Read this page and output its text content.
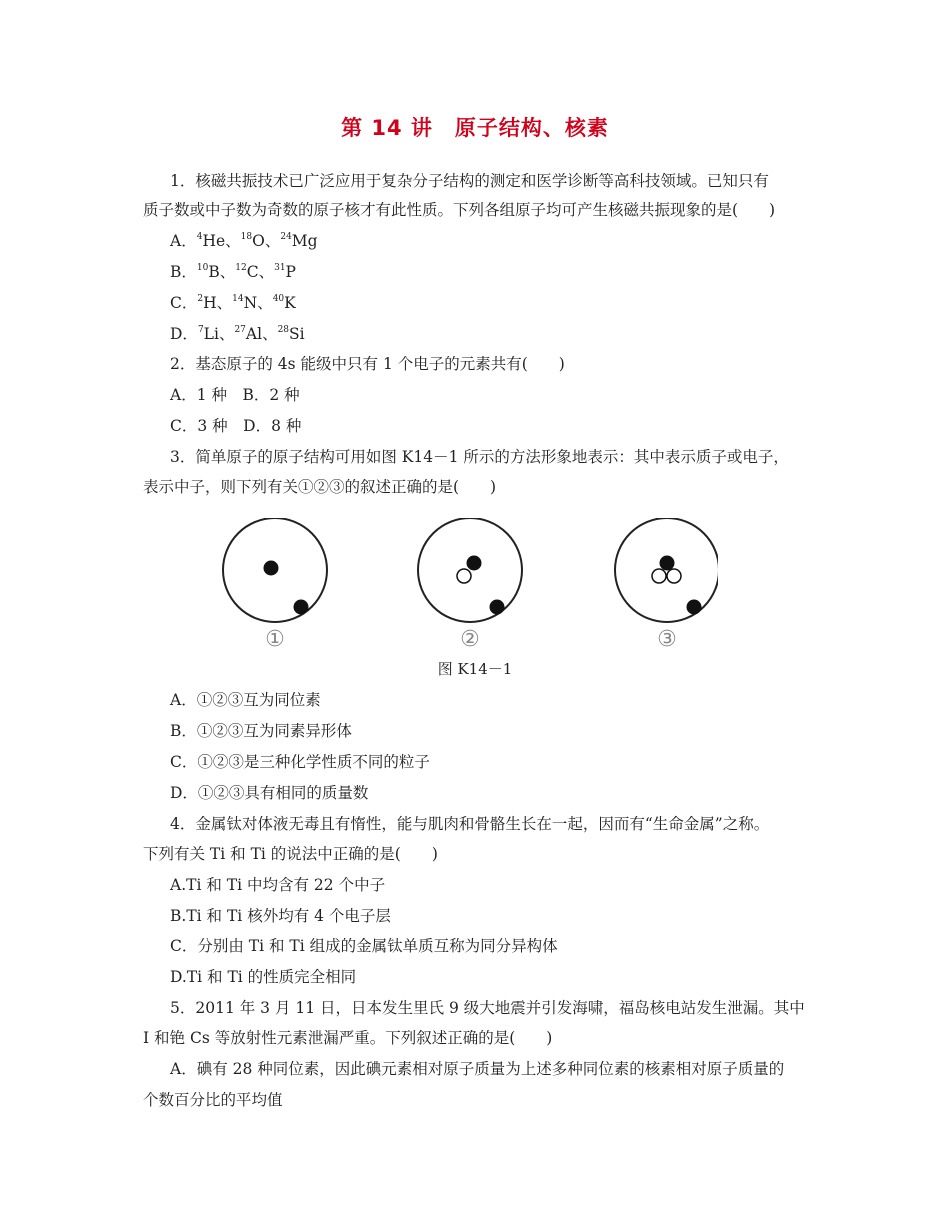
第 14 讲　原子结构、核素
1．核磁共振技术已广泛应用于复杂分子结构的测定和医学诊断等高科技领域。已知只有
质子数或中子数为奇数的原子核才有此性质。下列各组原子均可产生核磁共振现象的是(　　)
A．$^4$He、$^{18}$O、$^{24}$Mg
B．$^{10}$B、$^{12}$C、$^{31}$P
C．$^2$H、$^{14}$N、$^{40}$K
D．$^7$Li、$^{27}$Al、$^{28}$Si
2．基态原子的 4s 能级中只有 1 个电子的元素共有(　　)
A．1 种　B．2 种
C．3 种　D．8 种
3．简单原子的原子结构可用如图 K14－1 所示的方法形象地表示：其中表示质子或电子，
表示中子，则下列有关①②③的叙述正确的是(　　)
①	②	③
图 K14－1
A．①②③互为同位素
B．①②③互为同素异形体
C．①②③是三种化学性质不同的粒子
D．①②③具有相同的质量数
4．金属钛对体液无毒且有惰性，能与肌肉和骨骼生长在一起，因而有“生命金属”之称。
下列有关 Ti 和 Ti 的说法中正确的是(　　)
A.Ti 和 Ti 中均含有 22 个中子
B.Ti 和 Ti 核外均有 4 个电子层
C．分别由 Ti 和 Ti 组成的金属钛单质互称为同分异构体
D.Ti 和 Ti 的性质完全相同
5．2011 年 3 月 11 日，日本发生里氏 9 级大地震并引发海啸，福岛核电站发生泄漏。其中
I 和铯 Cs 等放射性元素泄漏严重。下列叙述正确的是(　　)
A．碘有 28 种同位素，因此碘元素相对原子质量为上述多种同位素的核素相对原子质量的
个数百分比的平均值
